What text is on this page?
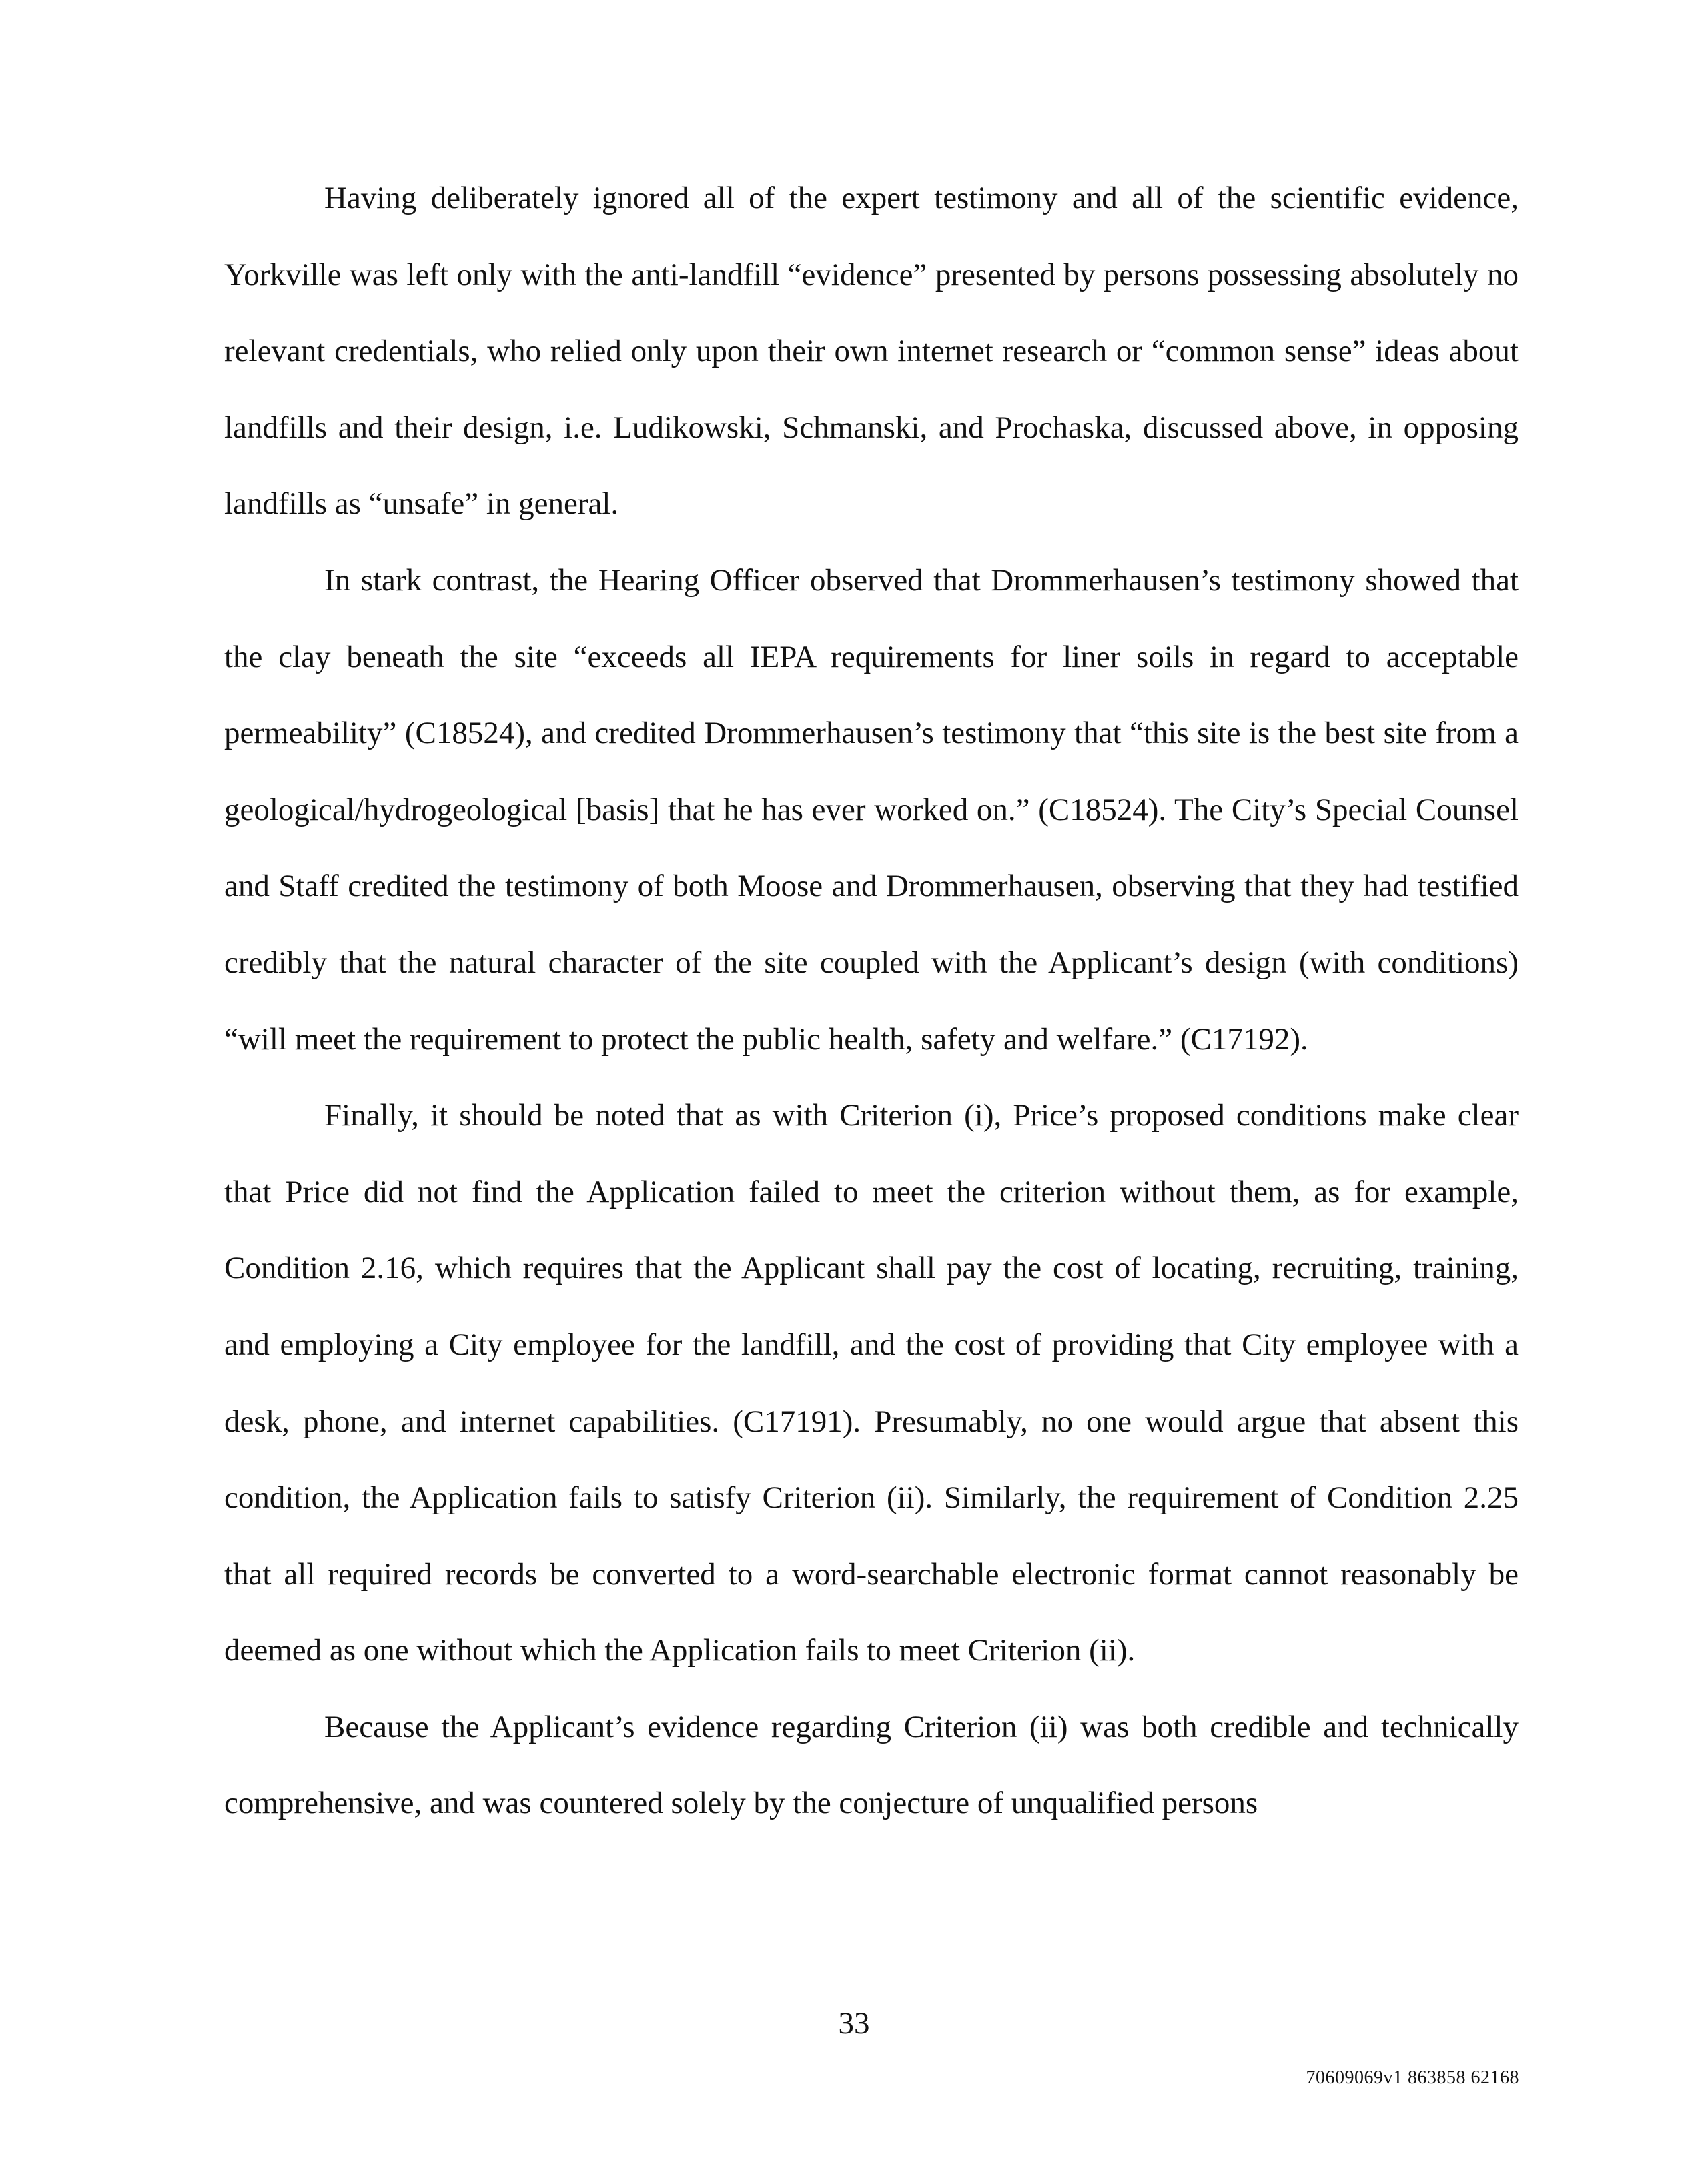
Having deliberately ignored all of the expert testimony and all of the scientific evidence, Yorkville was left only with the anti-landfill “evidence” presented by persons possessing absolutely no relevant credentials, who relied only upon their own internet research or “common sense” ideas about landfills and their design, i.e. Ludikowski, Schmanski, and Prochaska, discussed above, in opposing landfills as “unsafe” in general.

In stark contrast, the Hearing Officer observed that Drommerhausen’s testimony showed that the clay beneath the site “exceeds all IEPA requirements for liner soils in regard to acceptable permeability” (C18524), and credited Drommerhausen’s testimony that “this site is the best site from a geological/hydrogeological [basis] that he has ever worked on.” (C18524). The City’s Special Counsel and Staff credited the testimony of both Moose and Drommerhausen, observing that they had testified credibly that the natural character of the site coupled with the Applicant’s design (with conditions) “will meet the requirement to protect the public health, safety and welfare.” (C17192).

Finally, it should be noted that as with Criterion (i), Price’s proposed conditions make clear that Price did not find the Application failed to meet the criterion without them, as for example, Condition 2.16, which requires that the Applicant shall pay the cost of locating, recruiting, training, and employing a City employee for the landfill, and the cost of providing that City employee with a desk, phone, and internet capabilities. (C17191). Presumably, no one would argue that absent this condition, the Application fails to satisfy Criterion (ii). Similarly, the requirement of Condition 2.25 that all required records be converted to a word-searchable electronic format cannot reasonably be deemed as one without which the Application fails to meet Criterion (ii).

Because the Applicant’s evidence regarding Criterion (ii) was both credible and technically comprehensive, and was countered solely by the conjecture of unqualified persons

33
70609069v1 863858 62168
